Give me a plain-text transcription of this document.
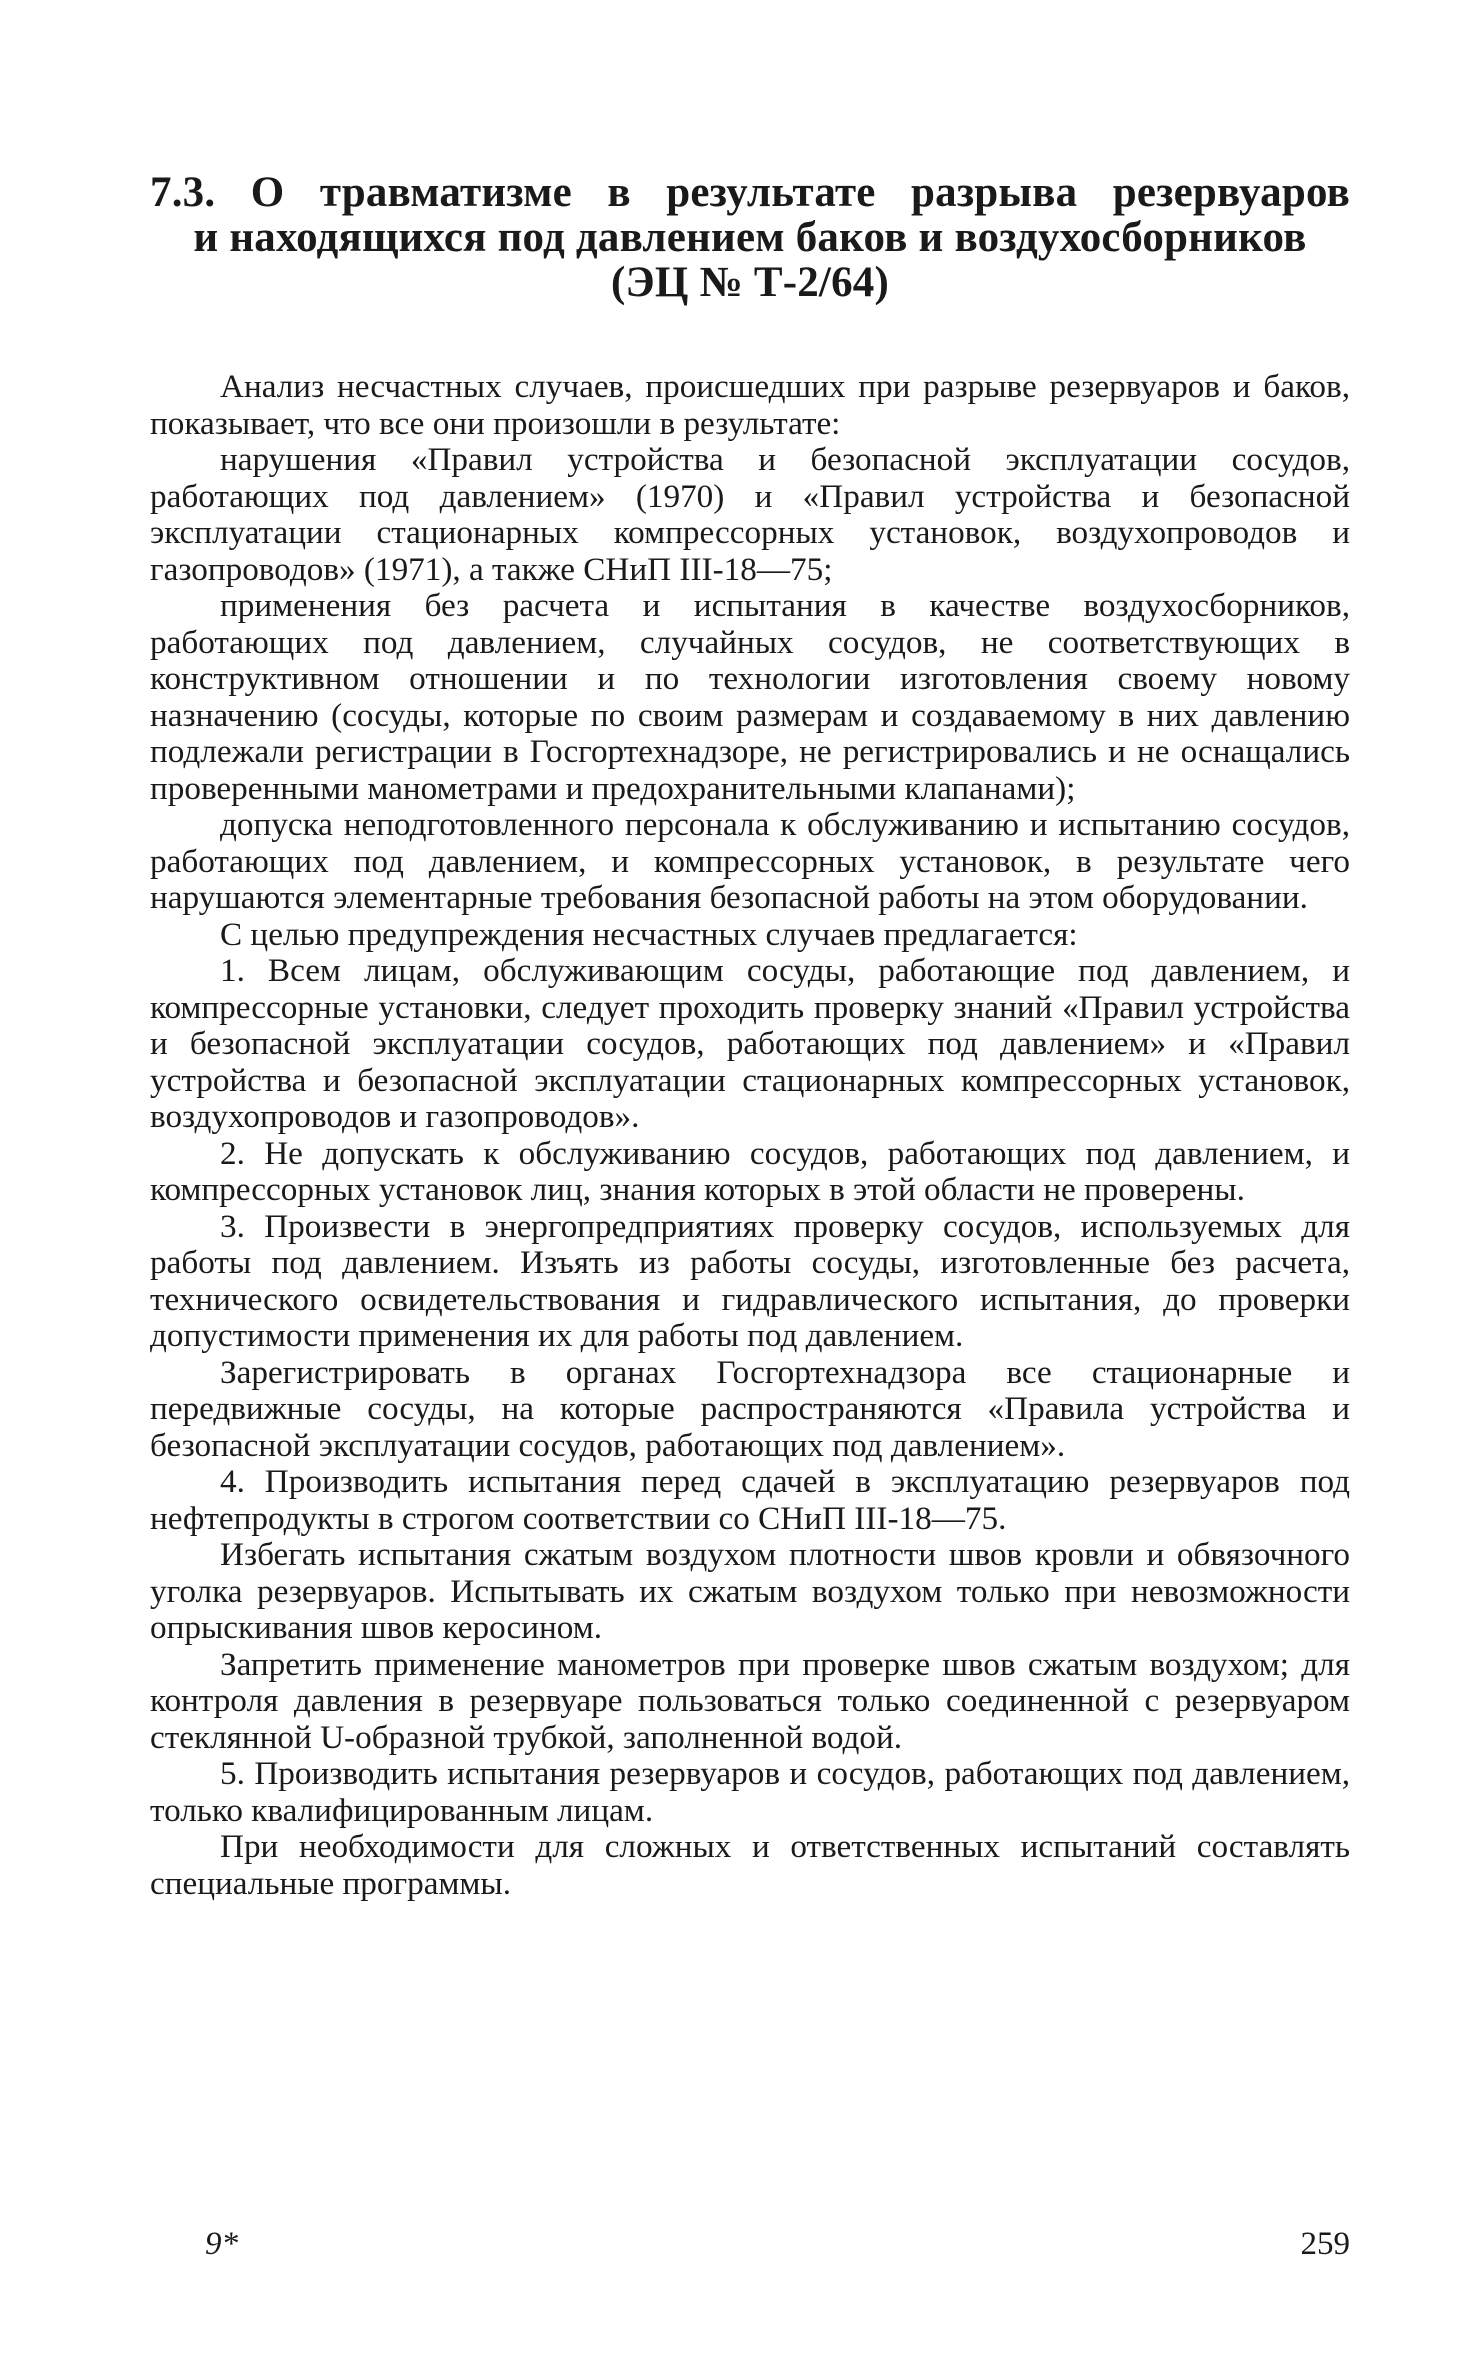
7.3. О травматизме в результате разрыва резервуаров
и находящихся под давлением баков и воздухосборников
(ЭЦ № Т-2/64)

Анализ несчастных случаев, происшедших при разрыве резервуаров и баков, показывает, что все они произошли в результате:

нарушения «Правил устройства и безопасной эксплуатации сосудов, работающих под давлением» (1970) и «Правил устройства и безопасной эксплуатации стационарных компрессорных установок, воздухопроводов и газопроводов» (1971), а также СНиП III-18—75;

применения без расчета и испытания в качестве воздухосборников, работающих под давлением, случайных сосудов, не соответствующих в конструктивном отношении и по технологии изготовления своему новому назначению (сосуды, которые по своим размерам и создаваемому в них давлению подлежали регистрации в Госгортехнадзоре, не регистрировались и не оснащались проверенными манометрами и предохранительными клапанами);

допуска неподготовленного персонала к обслуживанию и испытанию сосудов, работающих под давлением, и компрессорных установок, в результате чего нарушаются элементарные требования безопасной работы на этом оборудовании.

С целью предупреждения несчастных случаев предлагается:

1. Всем лицам, обслуживающим сосуды, работающие под давлением, и компрессорные установки, следует проходить проверку знаний «Правил устройства и безопасной эксплуатации сосудов, работающих под давлением» и «Правил устройства и безопасной эксплуатации стационарных компрессорных установок, воздухопроводов и газопроводов».

2. Не допускать к обслуживанию сосудов, работающих под давлением, и компрессорных установок лиц, знания которых в этой области не проверены.

3. Произвести в энергопредприятиях проверку сосудов, используемых для работы под давлением. Изъять из работы сосуды, изготовленные без расчета, технического освидетельствования и гидравлического испытания, до проверки допустимости применения их для работы под давлением.

Зарегистрировать в органах Госгортехнадзора все стационарные и передвижные сосуды, на которые распространяются «Правила устройства и безопасной эксплуатации сосудов, работающих под давлением».

4. Производить испытания перед сдачей в эксплуатацию резервуаров под нефтепродукты в строгом соответствии со СНиП III-18—75.

Избегать испытания сжатым воздухом плотности швов кровли и обвязочного уголка резервуаров. Испытывать их сжатым воздухом только при невозможности опрыскивания швов керосином.

Запретить применение манометров при проверке швов сжатым воздухом; для контроля давления в резервуаре пользоваться только соединенной с резервуаром стеклянной U-образной трубкой, заполненной водой.

5. Производить испытания резервуаров и сосудов, работающих под давлением, только квалифицированным лицам.

При необходимости для сложных и ответственных испытаний составлять специальные программы.

9*	259
